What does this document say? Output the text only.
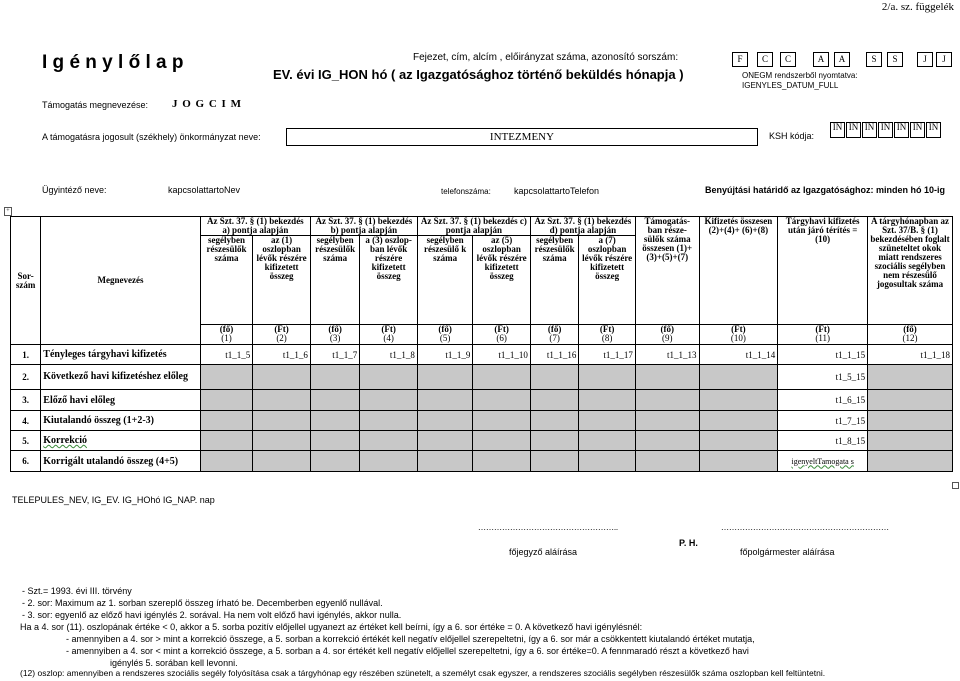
2/a. sz. függelék
I g é n y l ő l a p	Fejezet, cím, alcím , előirányzat száma, azonosító sorszám:	F	C	C	A	A	S	S	J	J
EV. évi IG_HON hó ( az Igazgatósághoz történő beküldés hónapja )	ONEGM rendszerből nyomtatva:
IGENYLES_DATUM_FULL
Támogatás megnevezése: J O G C I M
A támogatásra jogosult (székhely) önkormányzat neve:	INTEZMENY	KSH kódja:
IN IN IN IN IN IN IN
Ügyintéző neve:	kapcsolattartoNev	telefonszáma:	kapcsolattartoTelefon	Benyújtási határidő az Igazgatósághoz: minden hó 10-ig
+
Sor-
szám	Megnevezés	Az Szt. 37. § (1) bekezdés a) pontja alapján		Az Szt. 37. § (1) bekezdés b) pontja alapján		Az Szt. 37. § (1) bekezdés c) pontja alapján		Az Szt. 37. § (1) bekezdés d) pontja alapján		Támogatás-ban része-sülők száma összesen (1)+(3)+(5)+(7)	Kifizetés összesen (2)+(4)+ (6)+(8)	Tárgyhavi kifizetés után járó térítés = (10)	A tárgyhónapban az Szt. 37/B. § (1) bekezdésében foglalt szüneteltet okok miatt rendszeres szociális segélyben nem részesülő jogosultak száma
		segélyben részesülők száma	az (1) oszlopban lévők részére kifizetett összeg	segélyben részesülők száma	a (3) oszlop-ban lévők részére kifizetett összeg	segélyben részesülő k száma	az (5) oszlopban lévők részére kifizetett összeg	segélyben részesülők száma	a (7) oszlopban lévők részére kifizetett összeg				
		(fő)	(Ft)	(fő)	(Ft)	(fő)	(Ft)	(fő)	(Ft)	(fő)	(Ft)	(Ft)	(fő)
		(1)	(2)	(3)	(4)	(5)	(6)	(7)	(8)	(9)	(10)	(11)	(12)
1.	Tényleges tárgyhavi kifizetés	t1_1_5	t1_1_6	t1_1_7	t1_1_8	t1_1_9	t1_1_10	t1_1_16	t1_1_17	t1_1_13	t1_1_14	t1_1_15	t1_1_18
2.	Következő havi kifizetéshez előleg											t1_5_15	
3.	Előző havi előleg											t1_6_15	
4.	Kiutalandó összeg (1+2-3)											t1_7_15	
5.	Korrekció											t1_8_15	
6.	Korrigált utalandó összeg (4+5)											igenyeltTamogata s	
TELEPULES_NEV, IG_EV. IG_HOhó IG_NAP. nap
……………………………………………..	………………………………………………………
P. H.
főjegyző aláírása	főpolgármester aláírása
- Szt.= 1993. évi III. törvény
- 2. sor: Maximum az 1. sorban szereplő összeg írható be. Decemberben egyenlő nullával.
- 3. sor: egyenlő az előző havi igénylés 2. sorával. Ha nem volt előző havi igénylés, akkor nulla.
Ha a 4. sor (11). oszlopának értéke < 0, akkor a 5. sorba pozitív előjellel ugyanezt az értéket kell beírni, így a 6. sor értéke = 0. A következő havi igénylésnél:
- amennyiben a 4. sor > mint a korrekció összege, a 5. sorban a korrekció értékét kell negatív előjellel szerepeltetni, így a 6. sor már a csökkentett kiutalandó értéket mutatja,
- amennyiben a 4. sor < mint a korrekció összege, a 5. sorban a 4. sor értékét kell negatív előjellel szerepeltetni, így a 6. sor értéke=0. A fennmaradó részt a következő havi
igénylés 5. sorában kell levonni.
(12) oszlop: amennyiben a rendszeres szociális segély folyósítása csak a tárgyhónap egy részében szünetelt, a személyt csak egyszer, a rendszeres szociális segélyben részesülők száma oszlopban kell feltüntetni.
